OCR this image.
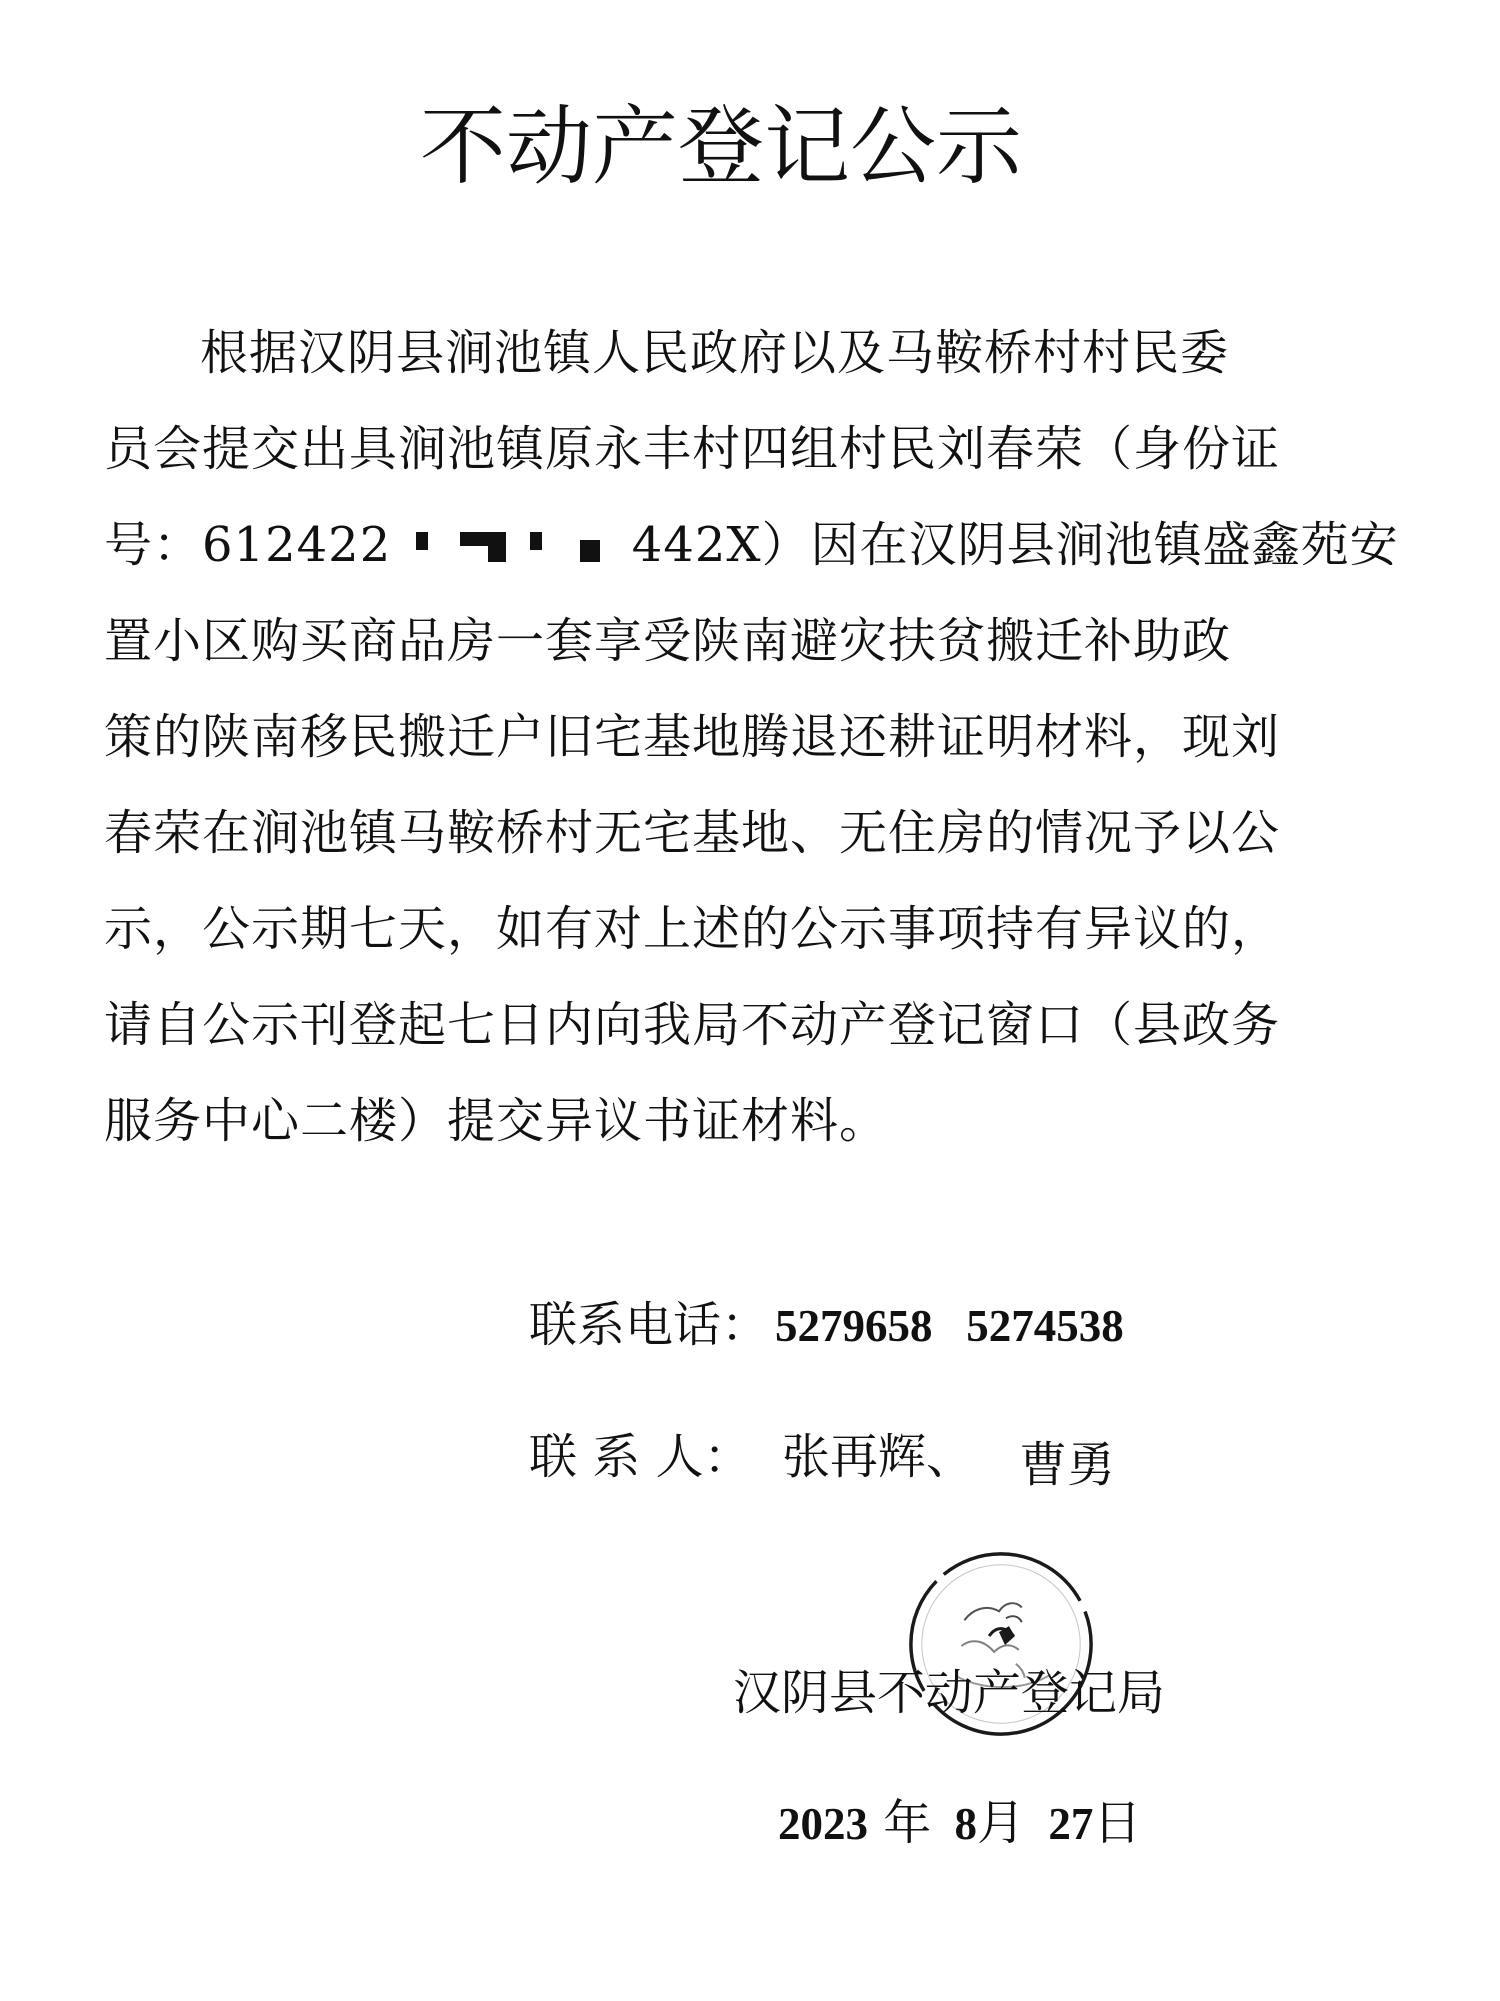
不动产登记公示
根据汉阴县涧池镇人民政府以及马鞍桥村村民委
员会提交出具涧池镇原永丰村四组村民刘春荣（身份证
号：612422	442X）因在汉阴县涧池镇盛鑫苑安
置小区购买商品房一套享受陕南避灾扶贫搬迁补助政
策的陕南移民搬迁户旧宅基地腾退还耕证明材料，现刘
春荣在涧池镇马鞍桥村无宅基地、无住房的情况予以公
示，公示期七天，如有对上述的公示事项持有异议的，
请自公示刊登起七日内向我局不动产登记窗口（县政务
服务中心二楼）提交异议书证材料。
联系电话： 5279658   5274538
联 系 人： 张再辉、 曹勇
汉阴县不动产登记局
2023 年 8月 27日
